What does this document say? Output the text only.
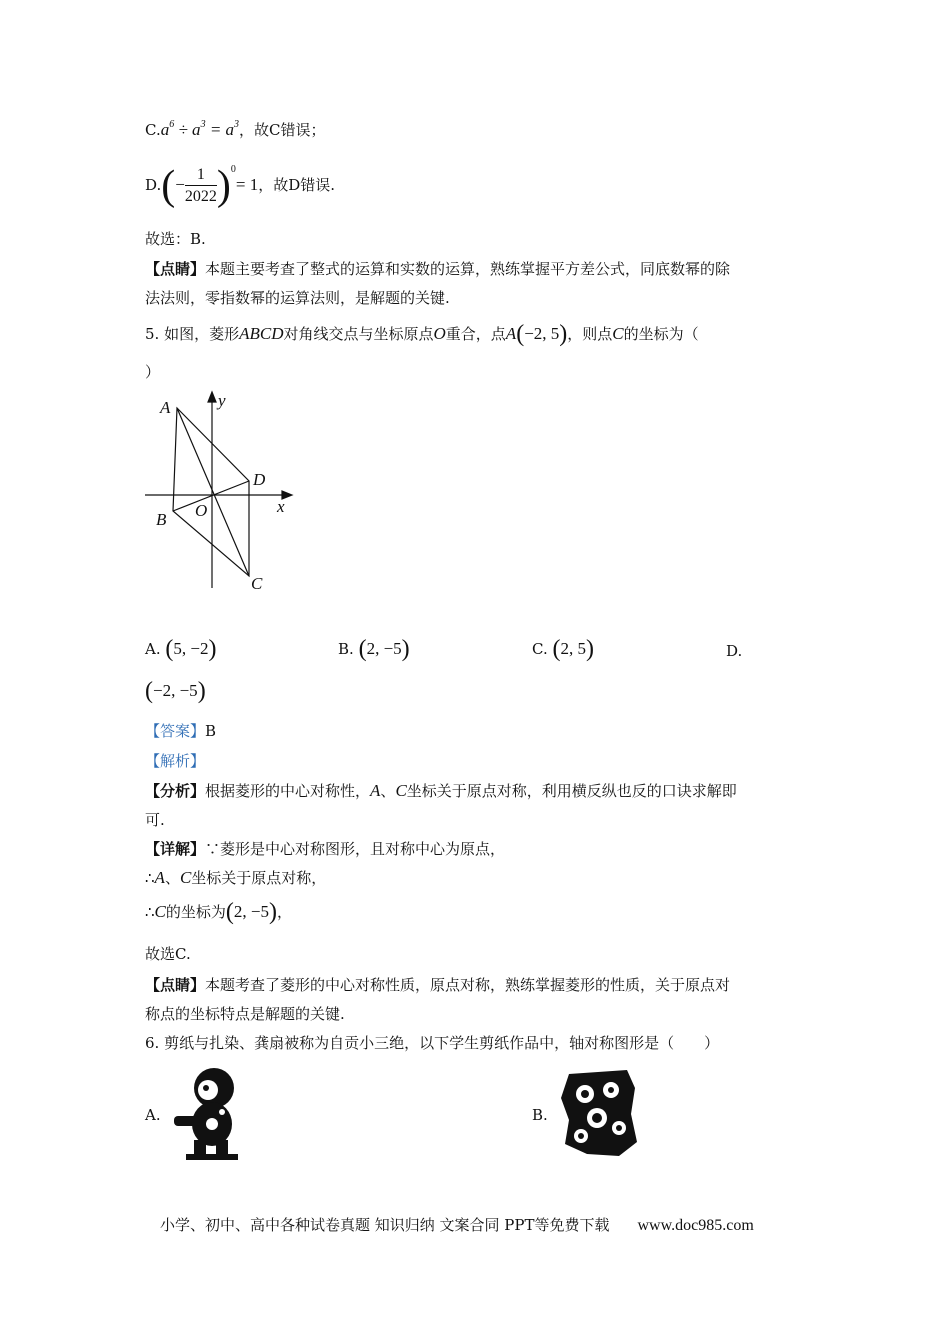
$C.a^6 \div a^3 = a^3$，故C错误；
$D.(- \frac{1}{2022} )^0= 1$，故D错误.
故选：B.
【点睛】本题主要考查了整式的运算和实数的运算，熟练掌握平方差公式，同底数幂的除
法法则，零指数幂的运算法则，是解题的关键.
5. 如图，菱形ABCD对角线交点与坐标原点O重合，点A(−2, 5)，则点C的坐标为（
）
A	y
D
x
O
B
C
A. (5, −2)	B. (2, −5)	C. (2, 5)	D.
(−2, −5)
【答案】B
【解析】
【分析】根据菱形的中心对称性，A、C坐标关于原点对称，利用横反纵也反的口诀求解即
可.
【详解】∵菱形是中心对称图形，且对称中心为原点，
∴A、C坐标关于原点对称，
∴C的坐标为(2, −5)，
故选C.
【点睛】本题考查了菱形的中心对称性质，原点对称，熟练掌握菱形的性质，关于原点对
称点的坐标特点是解题的关键.
6. 剪纸与扎染、龚扇被称为自贡小三绝，以下学生剪纸作品中，轴对称图形是（　　）
A.	B.
小学、初中、高中各种试卷真题 知识归纳 文案合同 PPT等免费下载 www.doc985.com
